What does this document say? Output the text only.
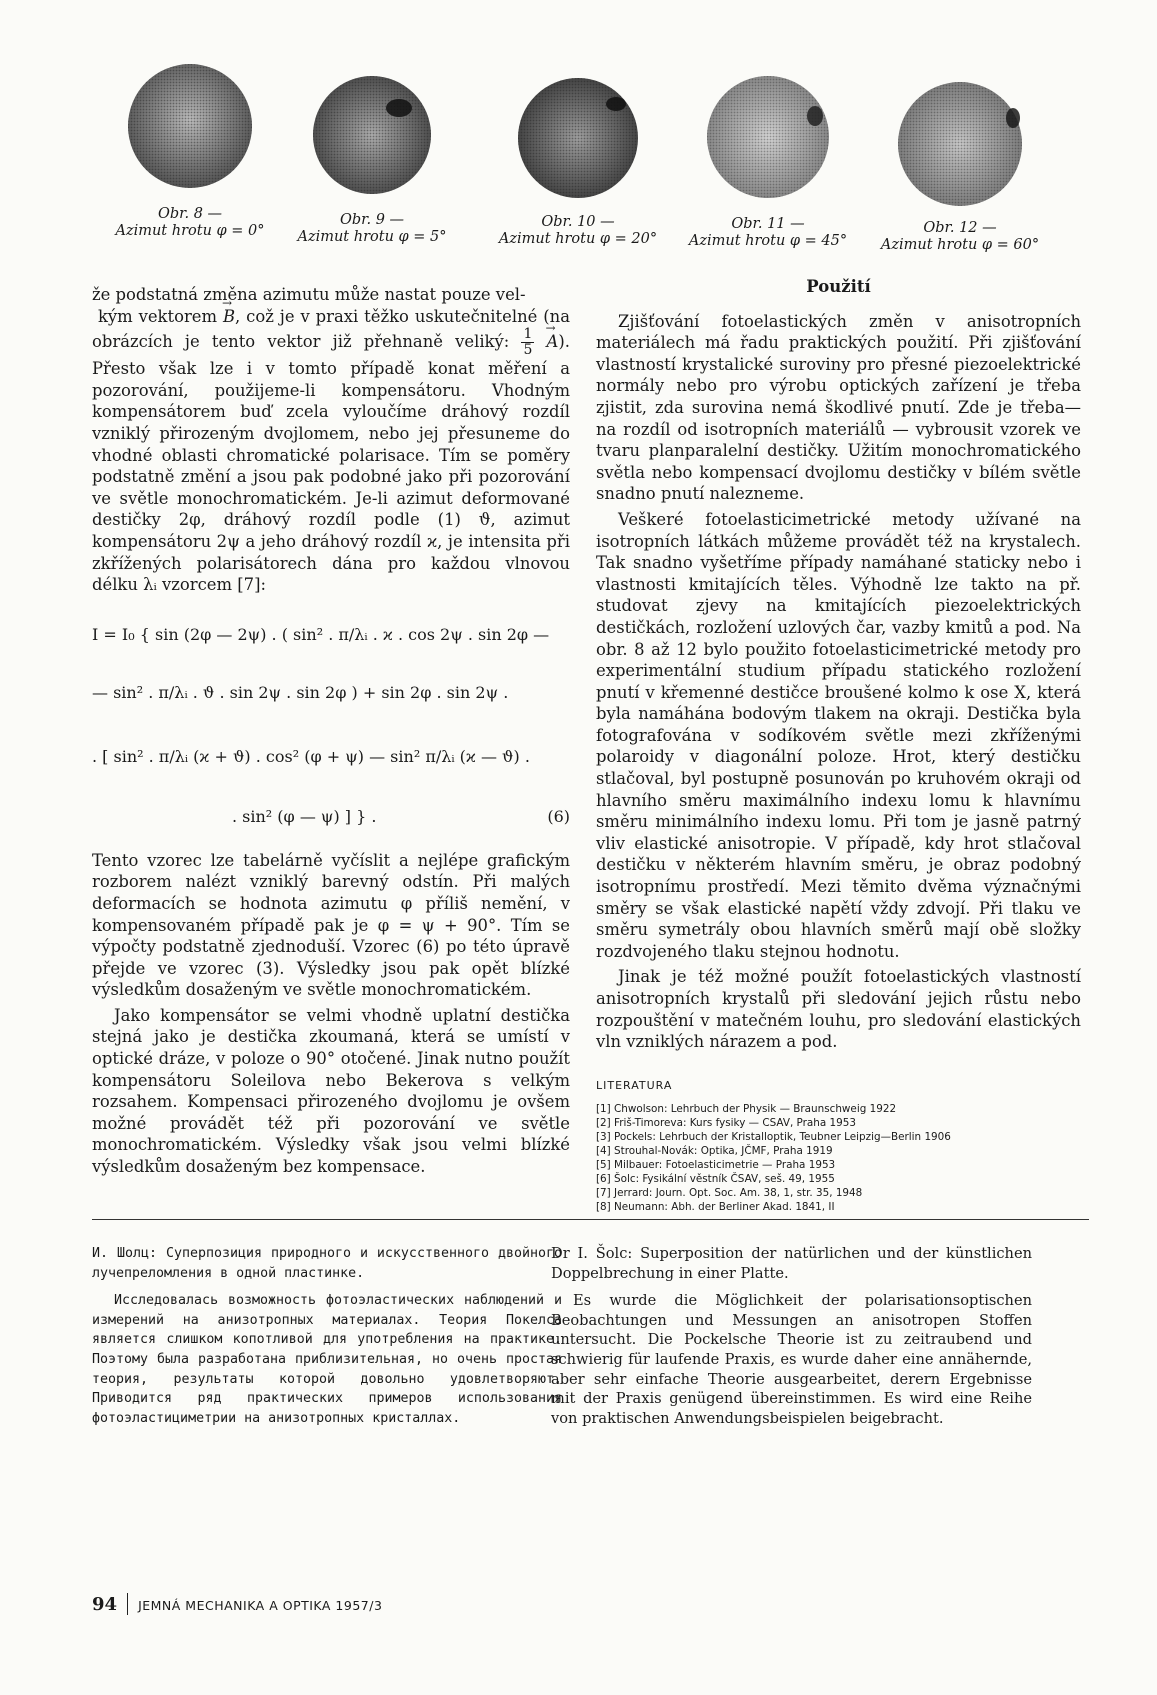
Obr. 8 —
Azimut hrotu φ = 0°
Obr. 9 —
Azimut hrotu φ = 5°
Obr. 10 —
Azimut hrotu φ = 20°
Obr. 11 —
Azimut hrotu φ = 45°
Obr. 12 —
Azimut hrotu φ = 60°

že podstatná změna azimutu může nastat pouze vel-
kým vektorem → B, což je v praxi těžko uskutečnitelné (na obrázcích je tento vektor již přehnaně veliký: $\frac{1}{5}$
→ A). Přesto však lze i v tomto případě konat měření a pozorování, použijeme-li kompensátoru. Vhodným kompensátorem buď zcela vyloučíme dráhový rozdíl vzniklý přirozeným dvojlomem, nebo jej přesuneme do vhodné oblasti chromatické polarisace. Tím se poměry podstatně změní a jsou pak podobné jako při pozorování ve světle monochromatickém. Je-li azimut deformované destičky 2φ, dráhový rozdíl podle (1) ϑ, azimut kompensátoru 2ψ a jeho dráhový rozdíl ϰ, je intensita při zkřížených polarisátorech dána pro každou vlnovou délku λᵢ vzorcem [7]:

I = I₀ { sin (2φ — 2ψ) . ( sin² . π/λᵢ . ϰ . cos 2ψ . sin 2φ —
— sin² . π/λᵢ . ϑ . sin 2ψ . sin 2φ ) + sin 2φ . sin 2ψ .
. [ sin² . π/λᵢ (ϰ + ϑ) . cos² (φ + ψ) — sin² π/λᵢ (ϰ — ϑ) .
. sin² (φ — ψ) ] } .	(6)

Tento vzorec lze tabelárně vyčíslit a nejlépe grafickým rozborem nalézt vzniklý barevný odstín. Při malých deformacích se hodnota azimutu φ příliš nemění, v kompensovaném případě pak je φ = ψ + 90°. Tím se výpočty podstatně zjednoduší. Vzorec (6) po této úpravě přejde ve vzorec (3). Výsledky jsou pak opět blízké výsledkům dosaženým ve světle monochromatickém.

Jako kompensátor se velmi vhodně uplatní destička stejná jako je destička zkoumaná, která se umístí v optické dráze, v poloze o 90° otočené. Jinak nutno použít kompensátoru Soleilova nebo Bekerova s velkým rozsahem. Kompensaci přirozeného dvojlomu je ovšem možné provádět též při pozorování ve světle monochromatickém. Výsledky však jsou velmi blízké výsledkům dosaženým bez kompensace.

Použití

Zjišťování fotoelastických změn v anisotropních materiálech má řadu praktických použití. Při zjišťování vlastností krystalické suroviny pro přesné piezoelektrické normály nebo pro výrobu optických zařízení je třeba zjistit, zda surovina nemá škodlivé pnutí. Zde je třeba— na rozdíl od isotropních materiálů — vybrousit vzorek ve tvaru planparalelní destičky. Užitím monochromatického světla nebo kompensací dvojlomu destičky v bílém světle snadno pnutí nalezneme.

Veškeré fotoelasticimetrické metody užívané na isotropních látkách můžeme provádět též na krystalech. Tak snadno vyšetříme případy namáhané staticky nebo i vlastnosti kmitajících těles. Výhodně lze takto na př. studovat zjevy na kmitajících piezoelektrických destičkách, rozložení uzlových čar, vazby kmitů a pod. Na obr. 8 až 12 bylo použito fotoelasticimetrické metody pro experimentální studium případu statického rozložení pnutí v křemenné destičce broušené kolmo k ose X, která byla namáhána bodovým tlakem na okraji. Destička byla fotografována v sodíkovém světle mezi zkříženými polaroidy v diagonální poloze. Hrot, který destičku stlačoval, byl postupně posunován po kruhovém okraji od hlavního směru maximálního indexu lomu k hlavnímu směru minimálního indexu lomu. Při tom je jasně patrný vliv elastické anisotropie. V případě, kdy hrot stlačoval destičku v některém hlavním směru, je obraz podobný isotropnímu prostředí. Mezi těmito dvěma význačnými směry se však elastické napětí vždy zdvojí. Při tlaku ve směru symetrály obou hlavních směrů mají obě složky rozdvojeného tlaku stejnou hodnotu.

Jinak je též možné použít fotoelastických vlastností anisotropních krystalů při sledování jejich růstu nebo rozpouštění v matečném louhu, pro sledování elastických vln vzniklých nárazem a pod.

LITERATURA
[1] Chwolson: Lehrbuch der Physik — Braunschweig 1922
[2] Friš-Timoreva: Kurs fysiky — CSAV, Praha 1953
[3] Pockels: Lehrbuch der Kristalloptik, Teubner Leipzig—Berlin 1906
[4] Strouhal-Novák: Optika, JČMF, Praha 1919
[5] Milbauer: Fotoelasticimetrie — Praha 1953
[6] Šolc: Fysikální věstník ČSAV, seš. 49, 1955
[7] Jerrard: Journ. Opt. Soc. Am. 38, 1, str. 35, 1948
[8] Neumann: Abh. der Berliner Akad. 1841, II

И. Шолц: Суперпозиция природного и искусственного двойного лучепреломления в одной пластинке.

Исследовалась возможность фотоэластических наблюдений и измерений на анизотропных материалах. Теория Покелса является слишком копотливой для употребления на практике. Поэтому была разработана приблизительная, но очень простая теория, результаты которой довольно удовлетворяют. Приводится ряд практических примеров использования фотоэластициметрии на анизотропных кристаллах.

Dr I. Šolc: Superposition der natürlichen und der künstlichen Doppelbrechung in einer Platte.

Es wurde die Möglichkeit der polarisationsoptischen Beobachtungen und Messungen an anisotropen Stoffen untersucht. Die Pockelsche Theorie ist zu zeitraubend und schwierig für laufende Praxis, es wurde daher eine annähernde, aber sehr einfache Theorie ausgearbeitet, derern Ergebnisse mit der Praxis genügend übereinstimmen. Es wird eine Reihe von praktischen Anwendungsbeispielen beigebracht.

94 JEMNÁ MECHANIKA A OPTIKA 1957/3
